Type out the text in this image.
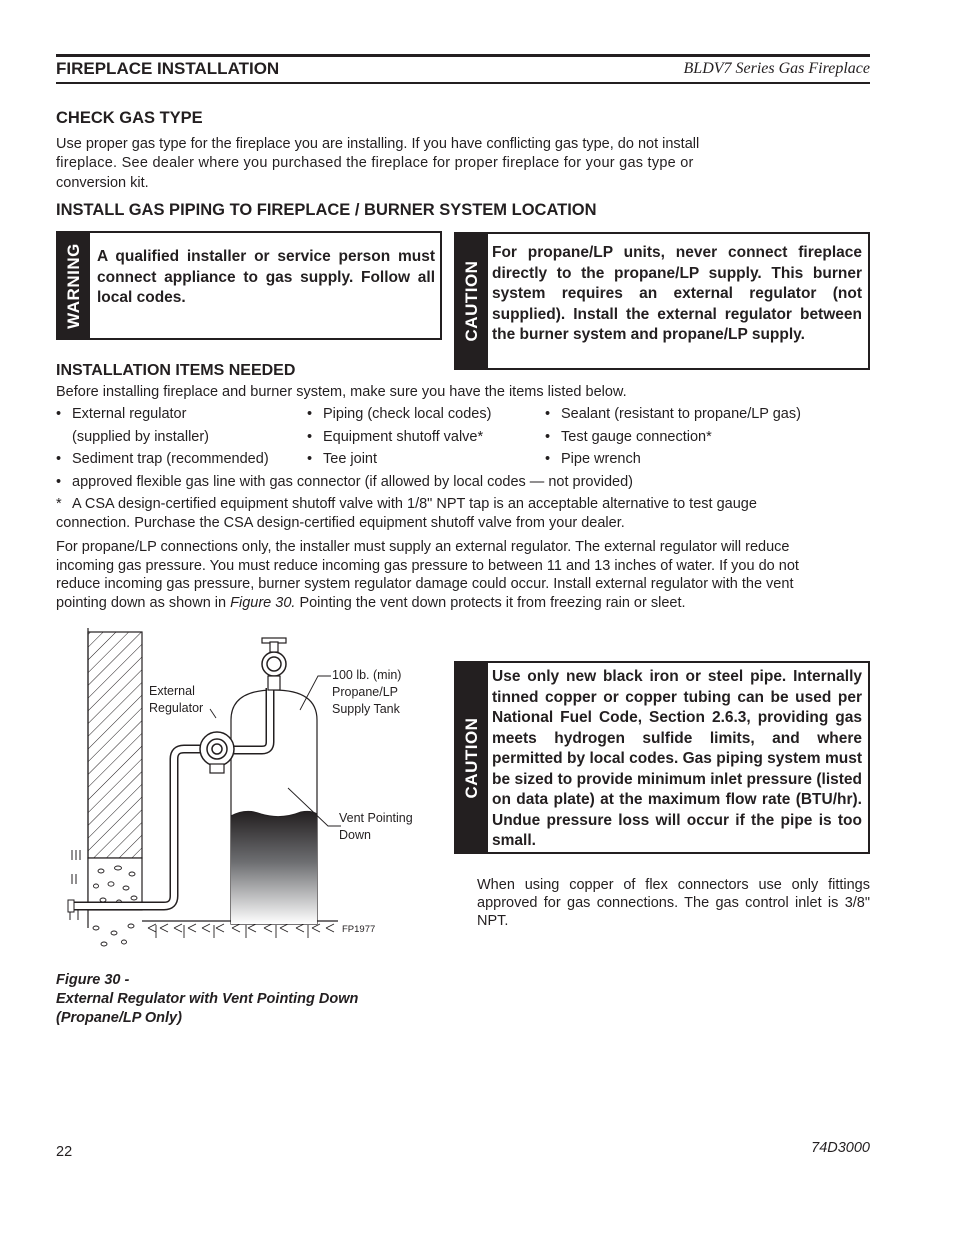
FIREPLACE INSTALLATION	BLDV7 Series Gas Fireplace
CHECK GAS TYPE
Use proper gas type for the fireplace you are installing. If you have conflicting gas type, do not install
fireplace. See dealer where you purchased the fireplace for proper fireplace for your gas type or
conversion kit.
INSTALL GAS PIPING TO FIREPLACE / BURNER SYSTEM LOCATION
WARNING A qualified installer or service person must connect appliance to gas supply. Follow all local codes.	CAUTION
For propane/LP units, never connect fireplace directly to the propane/LP supply. This burner system requires an external regulator (not supplied). Install the external regulator between the burner system and propane/LP supply.
INSTALLATION ITEMS NEEDED
Before installing fireplace and burner system, make sure you have the items listed below.
• External regulator
(supplied by installer)
• Sediment trap (recommended)
• Piping (check local codes)
• Equipment shutoff valve*
• Tee joint
• Sealant (resistant to propane/LP gas)
• Test gauge connection*
• Pipe wrench
• approved flexible gas line with gas connector (if allowed by local codes — not provided)
* A CSA design-certified equipment shutoff valve with 1/8" NPT tap is an acceptable alternative to test gauge
connection. Purchase the CSA design-certified equipment shutoff valve from your dealer.
For propane/LP connections only, the installer must supply an external regulator. The external regulator will reduce
incoming gas pressure. You must reduce incoming gas pressure to between 11 and 13 inches of water. If you do not
reduce incoming gas pressure, burner system regulator damage could occur. Install external regulator with the vent
pointing down as shown in Figure 30. Pointing the vent down protects it from freezing rain or sleet.
External
Regulator
100 lb. (min)
Propane/LP
Supply Tank
Vent Pointing
Down
FP1977
Figure 30 -
External Regulator with Vent Pointing Down
(Propane/LP Only)
CAUTION
Use only new black iron or steel pipe. Internally tinned copper or copper tubing can be used per National Fuel Code, Section 2.6.3, providing gas meets hydrogen sulfide limits, and where permitted by local codes. Gas piping system must be sized to provide minimum inlet pressure (listed on data plate) at the maximum flow rate (BTU/hr). Undue pressure loss will occur if the pipe is too small.
When using copper of flex connectors use only fittings approved for gas connections. The gas control inlet is 3/8" NPT.
22	74D3000
